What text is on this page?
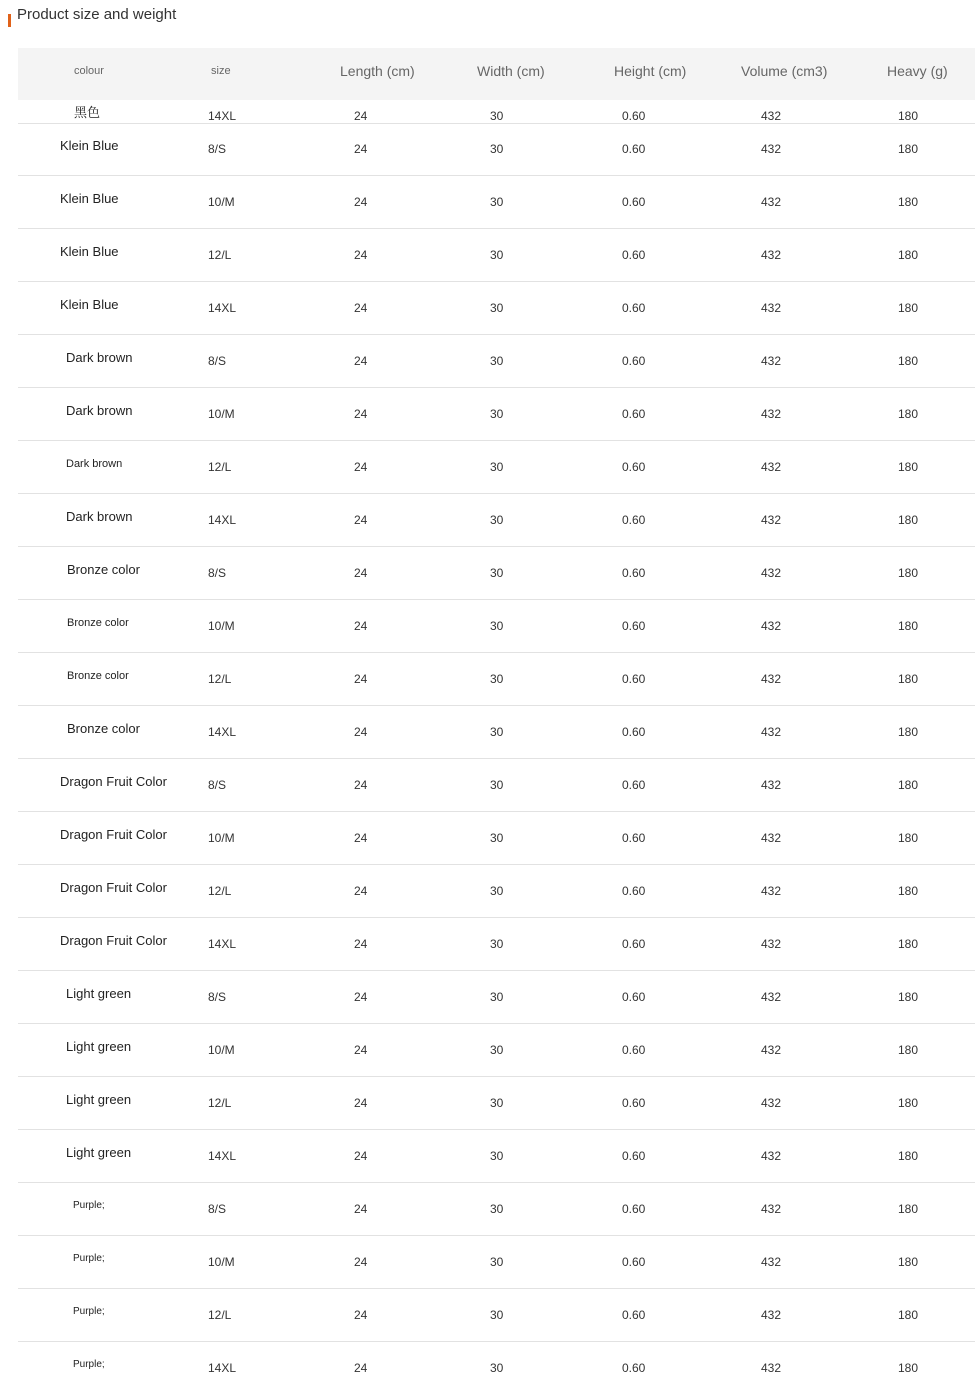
Product size and weight
colour	size	Length (cm)	Width (cm)	Height (cm)	Volume (cm3)	Heavy (g)
黑色	14XL	24	30	0.60	432	180
Klein Blue	8/S	24	30	0.60	432	180
Klein Blue	10/M	24	30	0.60	432	180
Klein Blue	12/L	24	30	0.60	432	180
Klein Blue	14XL	24	30	0.60	432	180
Dark brown	8/S	24	30	0.60	432	180
Dark brown	10/M	24	30	0.60	432	180
Dark brown	12/L	24	30	0.60	432	180
Dark brown	14XL	24	30	0.60	432	180
Bronze color	8/S	24	30	0.60	432	180
Bronze color	10/M	24	30	0.60	432	180
Bronze color	12/L	24	30	0.60	432	180
Bronze color	14XL	24	30	0.60	432	180
Dragon Fruit Color	8/S	24	30	0.60	432	180
Dragon Fruit Color	10/M	24	30	0.60	432	180
Dragon Fruit Color	12/L	24	30	0.60	432	180
Dragon Fruit Color	14XL	24	30	0.60	432	180
Light green	8/S	24	30	0.60	432	180
Light green	10/M	24	30	0.60	432	180
Light green	12/L	24	30	0.60	432	180
Light green	14XL	24	30	0.60	432	180
Purple;	8/S	24	30	0.60	432	180
Purple;	10/M	24	30	0.60	432	180
Purple;	12/L	24	30	0.60	432	180
Purple;	14XL	24	30	0.60	432	180
